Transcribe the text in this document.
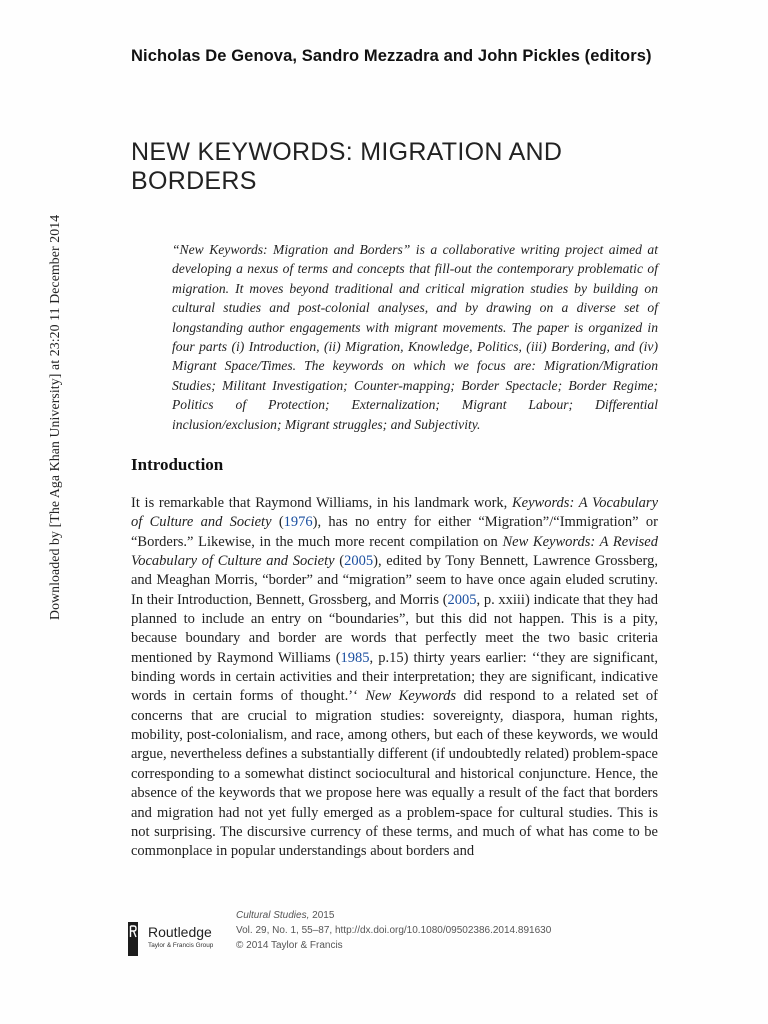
Nicholas De Genova, Sandro Mezzadra and John Pickles (editors)
NEW KEYWORDS: MIGRATION AND BORDERS
“New Keywords: Migration and Borders” is a collaborative writing project aimed at developing a nexus of terms and concepts that fill-out the contemporary problematic of migration. It moves beyond traditional and critical migration studies by building on cultural studies and post-colonial analyses, and by drawing on a diverse set of longstanding author engagements with migrant movements. The paper is organized in four parts (i) Introduction, (ii) Migration, Knowledge, Politics, (iii) Bordering, and (iv) Migrant Space/Times. The keywords on which we focus are: Migration/Migration Studies; Militant Investigation; Counter-mapping; Border Spectacle; Border Regime; Politics of Protection; Externalization; Migrant Labour; Differential inclusion/exclusion; Migrant struggles; and Subjectivity.
Downloaded by [The Aga Khan University] at 23:20 11 December 2014	Introduction
It is remarkable that Raymond Williams, in his landmark work, Keywords: A Vocabulary of Culture and Society (1976), has no entry for either “Migration”/“Immigration” or “Borders.” Likewise, in the much more recent compilation on New Keywords: A Revised Vocabulary of Culture and Society (2005), edited by Tony Bennett, Lawrence Grossberg, and Meaghan Morris, “border” and “migration” seem to have once again eluded scrutiny. In their Introduction, Bennett, Grossberg, and Morris (2005, p. xxiii) indicate that they had planned to include an entry on “boundaries”, but this did not happen. This is a pity, because boundary and border are words that perfectly meet the two basic criteria mentioned by Raymond Williams (1985, p.15) thirty years earlier: ‘‘they are significant, binding words in certain activities and their interpretation; they are significant, indicative words in certain forms of thought.’‘ New Keywords did respond to a related set of concerns that are crucial to migration studies: sovereignty, diaspora, human rights, mobility, post-colonialism, and race, among others, but each of these keywords, we would argue, nevertheless defines a substantially different (if undoubtedly related) problem-space corresponding to a somewhat distinct sociocultural and historical conjuncture. Hence, the absence of the keywords that we propose here was equally a result of the fact that borders and migration had not yet fully emerged as a problem-space for cultural studies. This is not surprising. The discursive currency of these terms, and much of what has come to be commonplace in popular understandings about borders and
Routledge
Taylor & Francis Group
Cultural Studies, 2015
Vol. 29, No. 1, 55–87, http://dx.doi.org/10.1080/09502386.2014.891630
© 2014 Taylor & Francis
